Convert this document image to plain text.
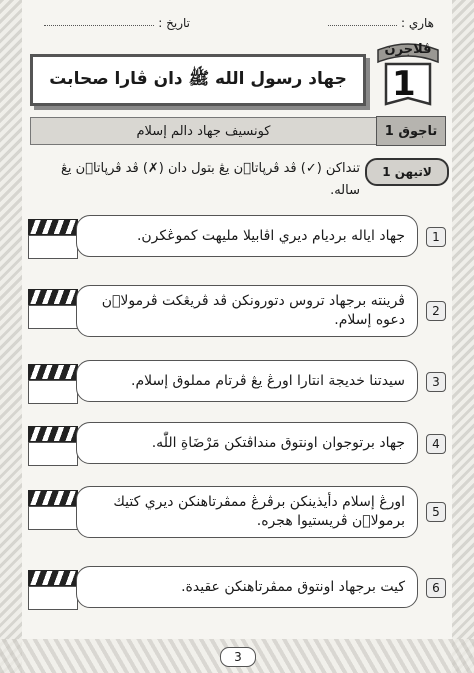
هاري :
تاريخ :
جهاد رسول الله ﷺ دان ڤارا صحابت
ڤلاجرن
1
كونسيف جهاد دالم إسلام	تاجوق 1
لاتيهن 1
تنداكن (✓) ڤد ڤرپاتا٘ن يڠ بتول دان (✗) ڤد ڤرپاتا٘ن يڠ ساله.
جهاد اياله برديام ديري اڤابيلا مليهت كموڠكرن.	1
ڤرينته برجهاد تروس دتورونكن ڤد ڤريڠكت ڤرمولا٘ن دعوه إسلام.
2
سيدتنا خديجة انتارا اورڠ يڠ ڤرتام مملوق إسلام.	3
جهاد برتوجوان اونتوق منداڤتكن مَرْضَاةِ اللّٰه.	4
اورڠ إسلام دأيذينكن برڤرڠ ممڤرتاهنكن ديري كتيك برمولا٘ن ڤريستيوا هجره.
5
كيت برجهاد اونتوق ممڤرتاهنكن عقيدة.	6
3
